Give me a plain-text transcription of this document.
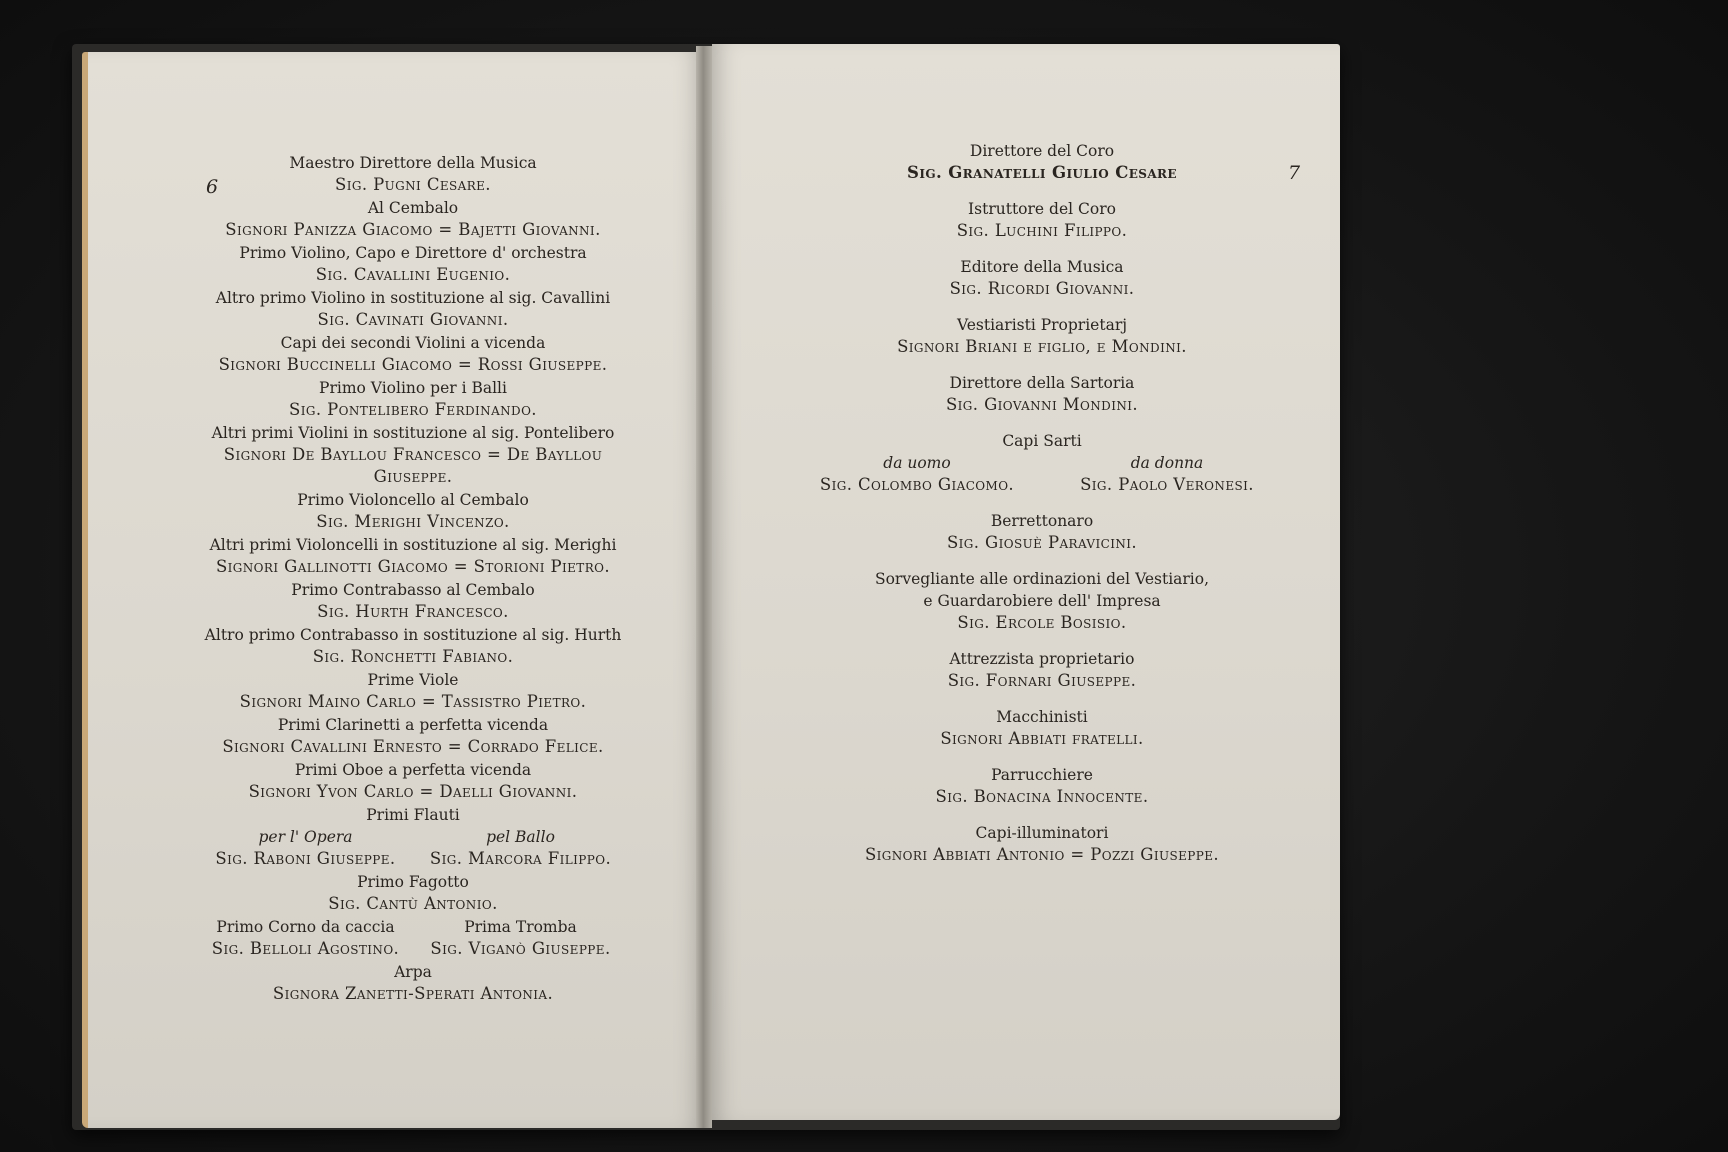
6
Maestro Direttore della Musica
Sig. Pugni Cesare.
Al Cembalo
Signori Panizza Giacomo = Bajetti Giovanni.
Primo Violino, Capo e Direttore d' orchestra
Sig. Cavallini Eugenio.
Altro primo Violino in sostituzione al sig. Cavallini
Sig. Cavinati Giovanni.
Capi dei secondi Violini a vicenda
Signori Buccinelli Giacomo = Rossi Giuseppe.
Primo Violino per i Balli
Sig. Pontelibero Ferdinando.
Altri primi Violini in sostituzione al sig. Pontelibero
Signori De Bayllou Francesco = De Bayllou Giuseppe.
Primo Violoncello al Cembalo
Sig. Merighi Vincenzo.
Altri primi Violoncelli in sostituzione al sig. Merighi
Signori Gallinotti Giacomo = Storioni Pietro.
Primo Contrabasso al Cembalo
Sig. Hurth Francesco.
Altro primo Contrabasso in sostituzione al sig. Hurth
Sig. Ronchetti Fabiano.
Prime Viole
Signori Maino Carlo = Tassistro Pietro.
Primi Clarinetti a perfetta vicenda
Signori Cavallini Ernesto = Corrado Felice.
Primi Oboe a perfetta vicenda
Signori Yvon Carlo = Daelli Giovanni.
Primi Flauti
per l' Opera
Sig. Raboni Giuseppe.
pel Ballo
Sig. Marcora Filippo.
Primo Fagotto
Sig. Cantù Antonio.
Primo Corno da caccia
Sig. Belloli Agostino.
Prima Tromba
Sig. Viganò Giuseppe.
Arpa
Signora Zanetti-Sperati Antonia.
7
Direttore del Coro
Sig. Granatelli Giulio Cesare
Istruttore del Coro
Sig. Luchini Filippo.
Editore della Musica
Sig. Ricordi Giovanni.
Vestiaristi Proprietarj
Signori Briani e figlio, e Mondini.
Direttore della Sartoria
Sig. Giovanni Mondini.
Capi Sarti
da uomo
Sig. Colombo Giacomo.
da donna
Sig. Paolo Veronesi.
Berrettonaro
Sig. Giosuè Paravicini.
Sorvegliante alle ordinazioni del Vestiario,
e Guardarobiere dell' Impresa
Sig. Ercole Bosisio.
Attrezzista proprietario
Sig. Fornari Giuseppe.
Macchinisti
Signori Abbiati fratelli.
Parrucchiere
Sig. Bonacina Innocente.
Capi-illuminatori
Signori Abbiati Antonio = Pozzi Giuseppe.
